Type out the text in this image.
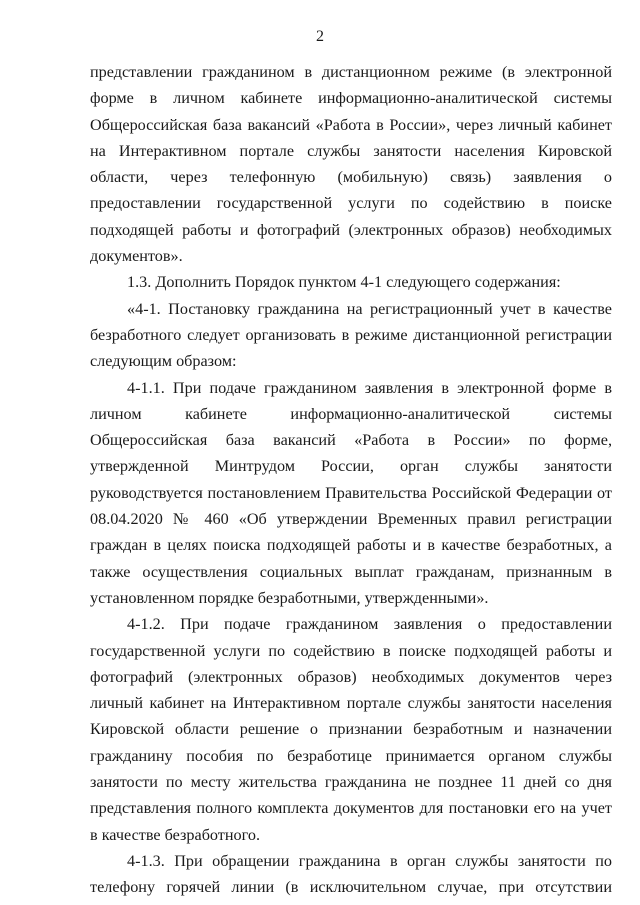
2

представлении гражданином в дистанционном режиме (в электронной форме в личном кабинете информационно-аналитической системы Общероссийская база вакансий «Работа в России», через личный кабинет на Интерактивном портале службы занятости населения Кировской области, через телефонную (мобильную) связь) заявления о предоставлении государственной услуги по содействию в поиске подходящей работы и фотографий (электронных образов) необходимых документов».

1.3. Дополнить Порядок пунктом 4-1 следующего содержания:

«4-1. Постановку гражданина на регистрационный учет в качестве безработного следует организовать в режиме дистанционной регистрации следующим образом:

4-1.1. При подаче гражданином заявления в электронной форме в личном кабинете информационно-аналитической системы Общероссийская база вакансий «Работа в России» по форме, утвержденной Минтрудом России, орган службы занятости руководствуется постановлением Правительства Российской Федерации от 08.04.2020 № 460 «Об утверждении Временных правил регистрации граждан в целях поиска подходящей работы и в качестве безработных, а также осуществления социальных выплат гражданам, признанным в установленном порядке безработными, утвержденными».

4-1.2. При подаче гражданином заявления о предоставлении государственной услуги по содействию в поиске подходящей работы и фотографий (электронных образов) необходимых документов через личный кабинет на Интерактивном портале службы занятости населения Кировской области решение о признании безработным и назначении гражданину пособия по безработице принимается органом службы занятости по месту жительства гражданина не позднее 11 дней со дня представления полного комплекта документов для постановки его на учет в качестве безработного.

4-1.3. При обращении гражданина в орган службы занятости по телефону горячей линии (в исключительном случае, при отсутствии
